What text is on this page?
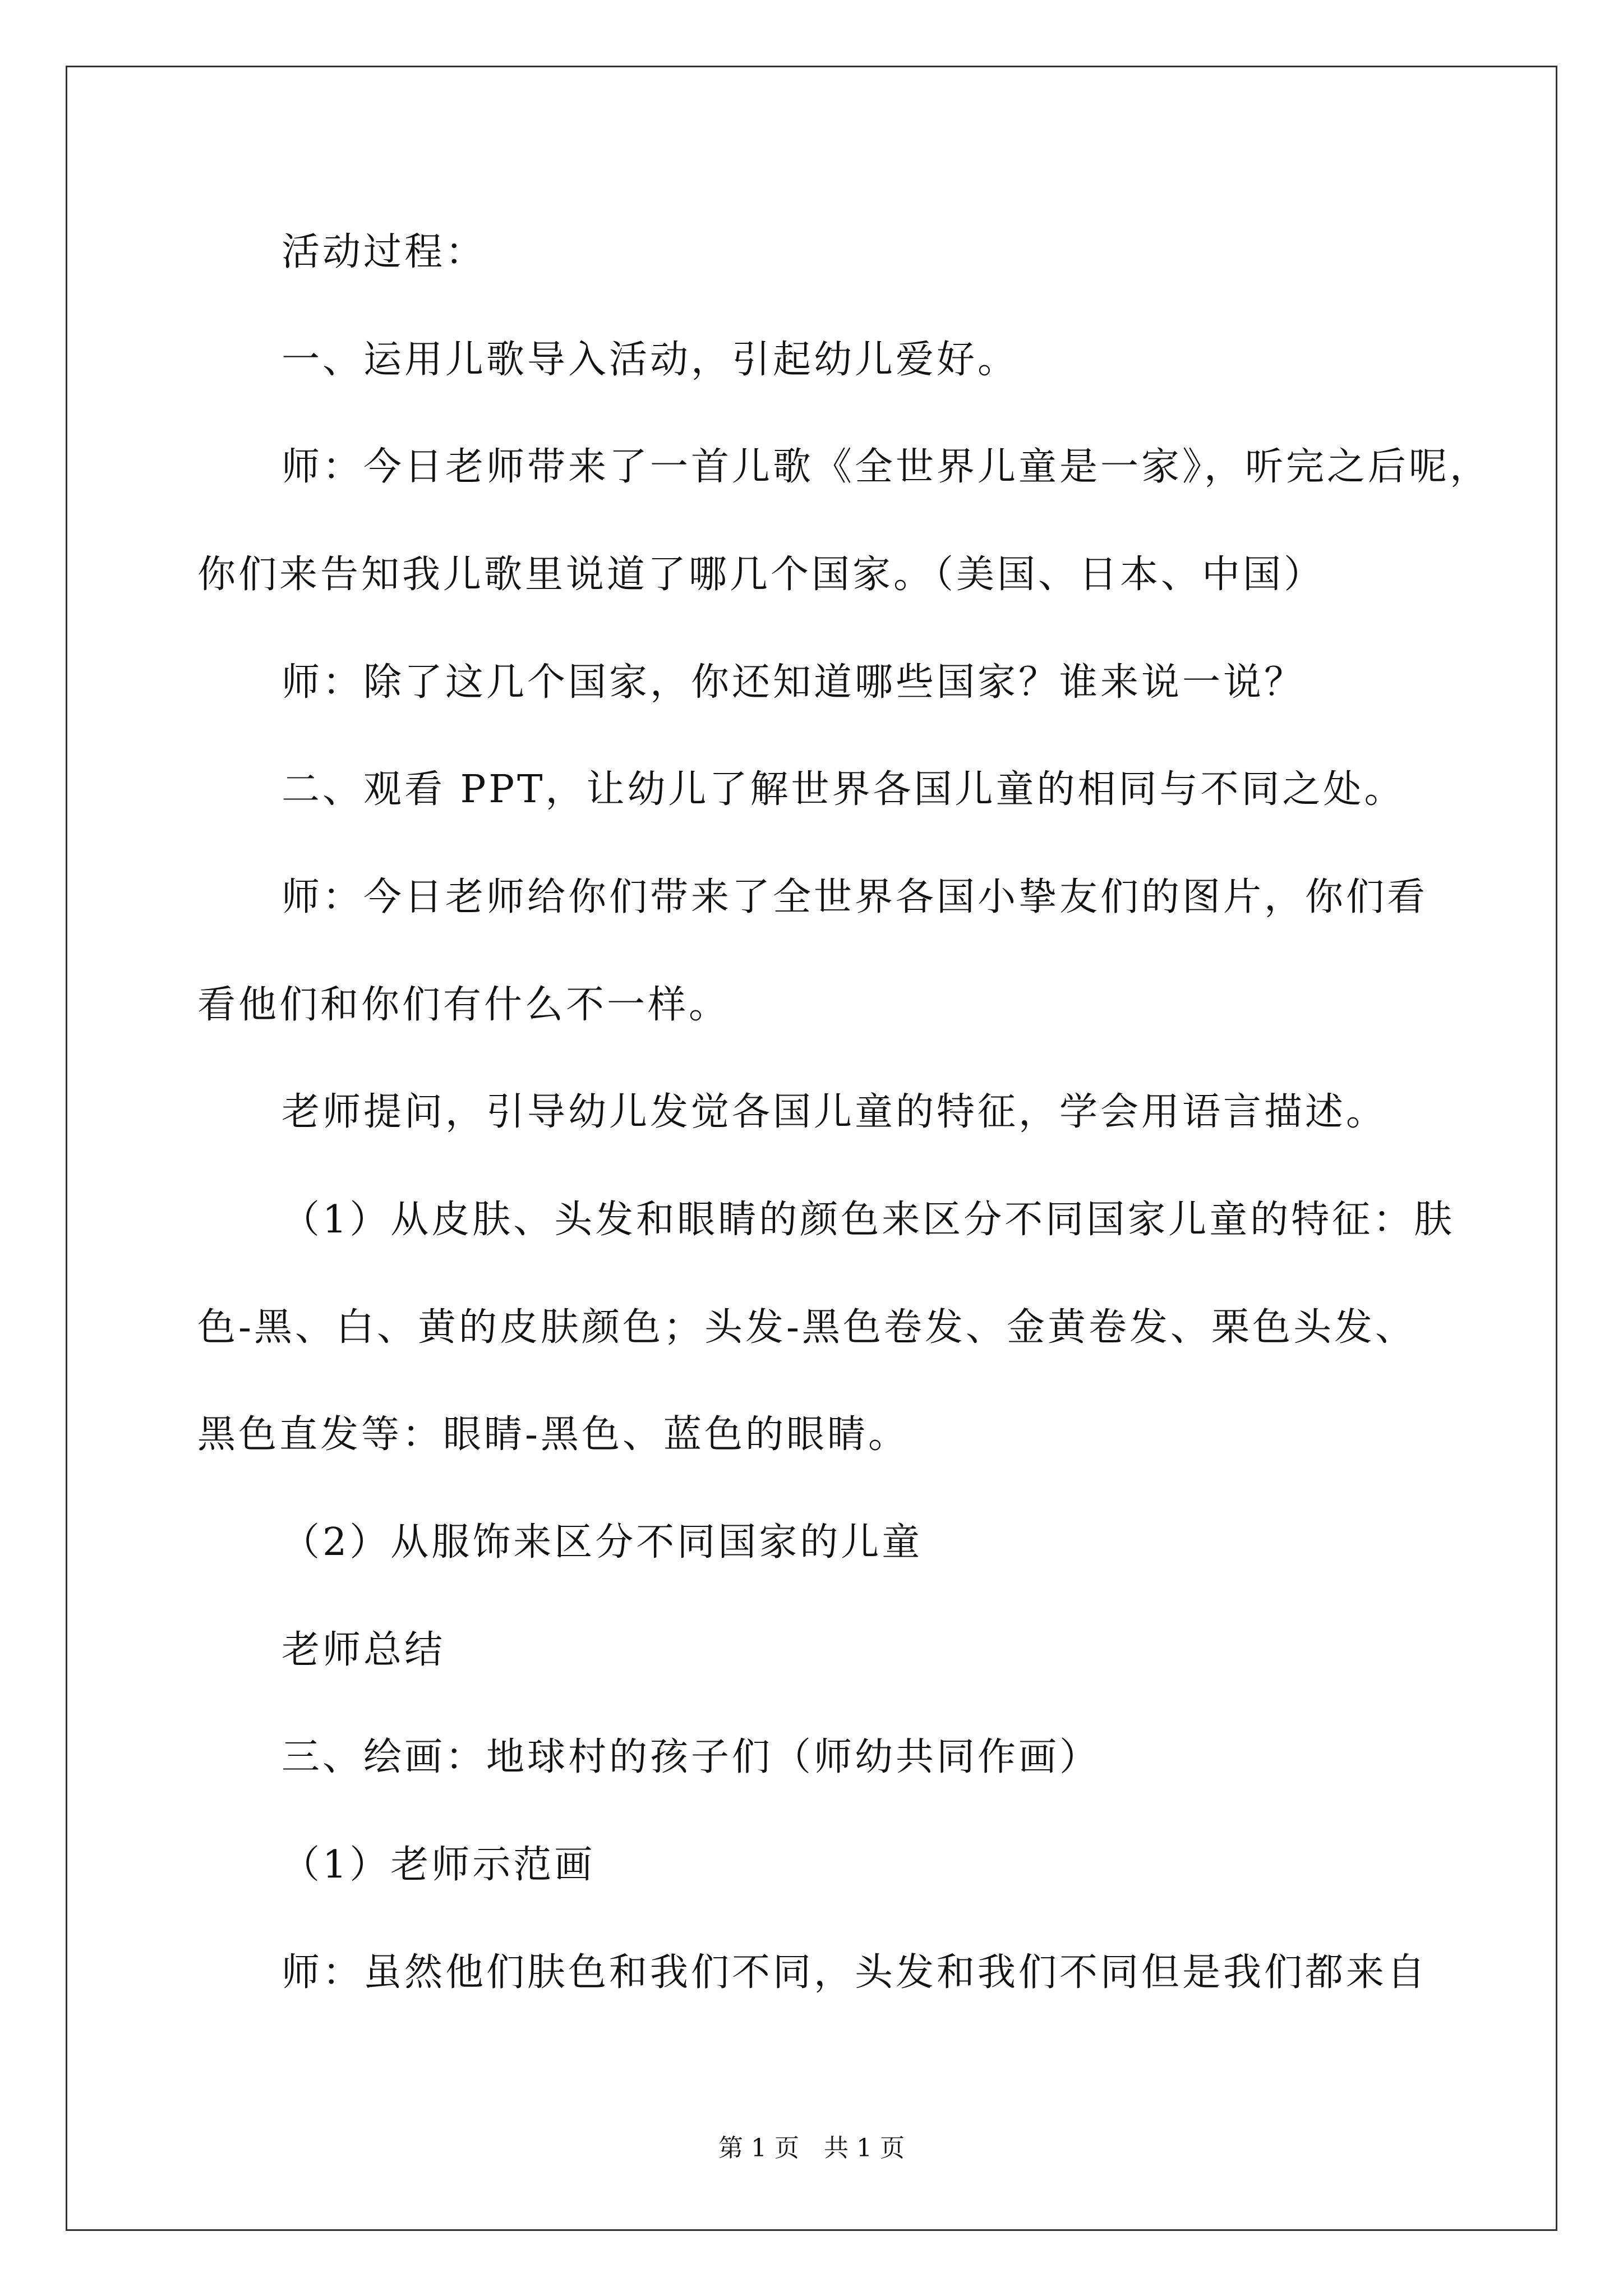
活动过程：
一、运用儿歌导入活动，引起幼儿爱好。
师：今日老师带来了一首儿歌《全世界儿童是一家》，听完之后呢，
你们来告知我儿歌里说道了哪几个国家。（美国、日本、中国）
师：除了这几个国家，你还知道哪些国家？谁来说一说？
二、观看 PPT，让幼儿了解世界各国儿童的相同与不同之处。
师：今日老师给你们带来了全世界各国小挚友们的图片，你们看
看他们和你们有什么不一样。
老师提问，引导幼儿发觉各国儿童的特征，学会用语言描述。
（1）从皮肤、头发和眼睛的颜色来区分不同国家儿童的特征：肤
色-黑、白、黄的皮肤颜色；头发-黑色卷发、金黄卷发、栗色头发、
黑色直发等：眼睛-黑色、蓝色的眼睛。
（2）从服饰来区分不同国家的儿童
老师总结
三、绘画：地球村的孩子们（师幼共同作画）
（1）老师示范画
师：虽然他们肤色和我们不同，头发和我们不同但是我们都来自
第 1 页　共 1 页
